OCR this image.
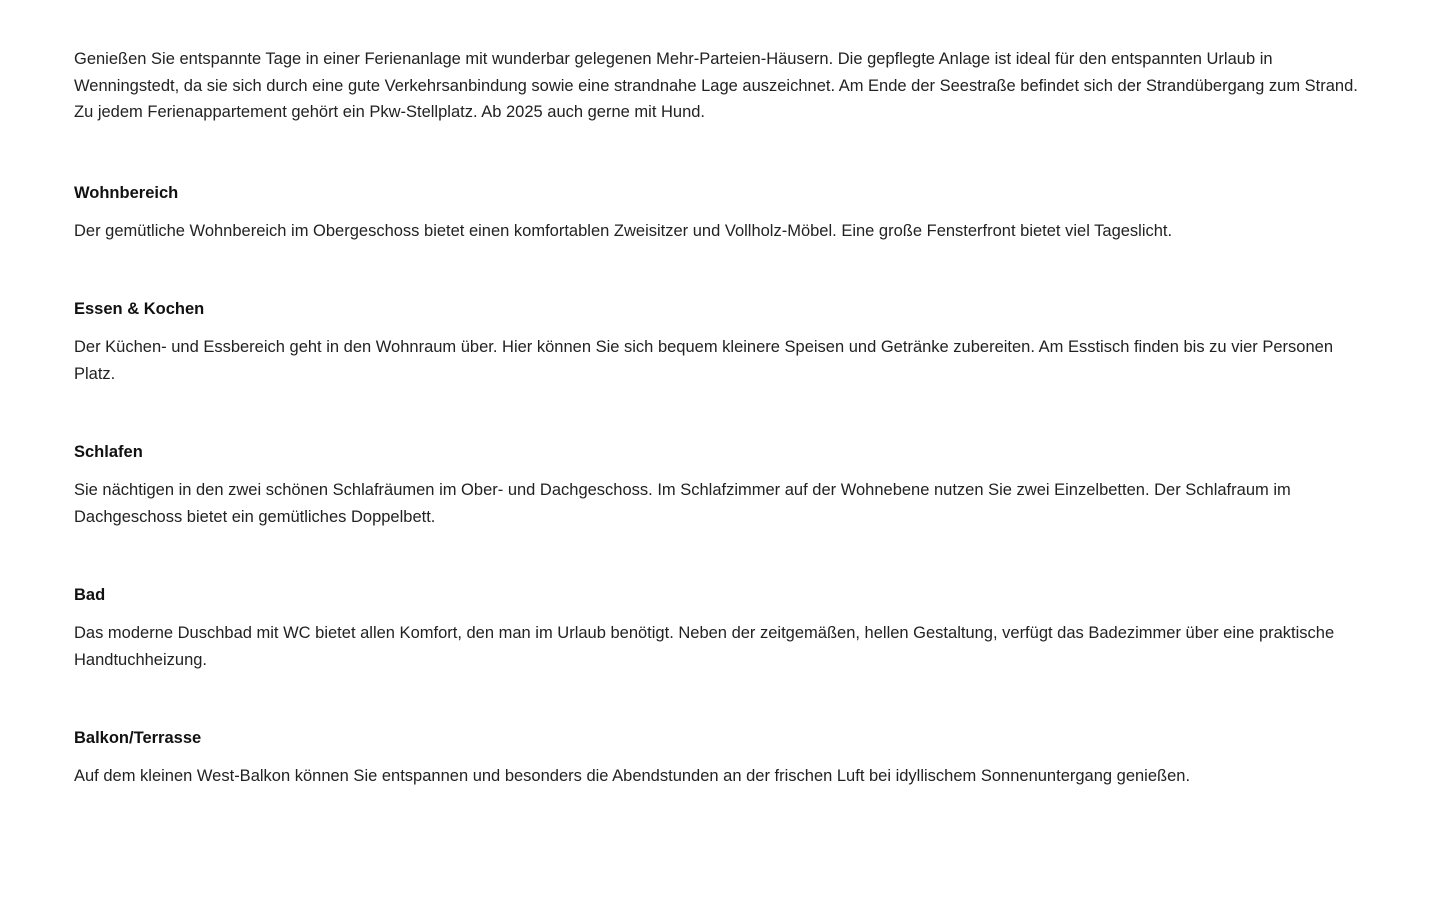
Genießen Sie entspannte Tage in einer Ferienanlage mit wunderbar gelegenen Mehr-Parteien-Häusern. Die gepflegte Anlage ist ideal für den entspannten Urlaub in Wenningstedt, da sie sich durch eine gute Verkehrsanbindung sowie eine strandnahe Lage auszeichnet. Am Ende der Seestraße befindet sich der Strandübergang zum Strand. Zu jedem Ferienappartement gehört ein Pkw-Stellplatz. Ab 2025 auch gerne mit Hund.

Wohnbereich

Der gemütliche Wohnbereich im Obergeschoss bietet einen komfortablen Zweisitzer und Vollholz-Möbel. Eine große Fensterfront bietet viel Tageslicht.

Essen & Kochen

Der Küchen- und Essbereich geht in den Wohnraum über. Hier können Sie sich bequem kleinere Speisen und Getränke zubereiten. Am Esstisch finden bis zu vier Personen Platz.

Schlafen

Sie nächtigen in den zwei schönen Schlafräumen im Ober- und Dachgeschoss. Im Schlafzimmer auf der Wohnebene nutzen Sie zwei Einzelbetten. Der Schlafraum im Dachgeschoss bietet ein gemütliches Doppelbett.

Bad

Das moderne Duschbad mit WC bietet allen Komfort, den man im Urlaub benötigt. Neben der zeitgemäßen, hellen Gestaltung, verfügt das Badezimmer über eine praktische Handtuchheizung.

Balkon/Terrasse

Auf dem kleinen West-Balkon können Sie entspannen und besonders die Abendstunden an der frischen Luft bei idyllischem Sonnenuntergang genießen.
